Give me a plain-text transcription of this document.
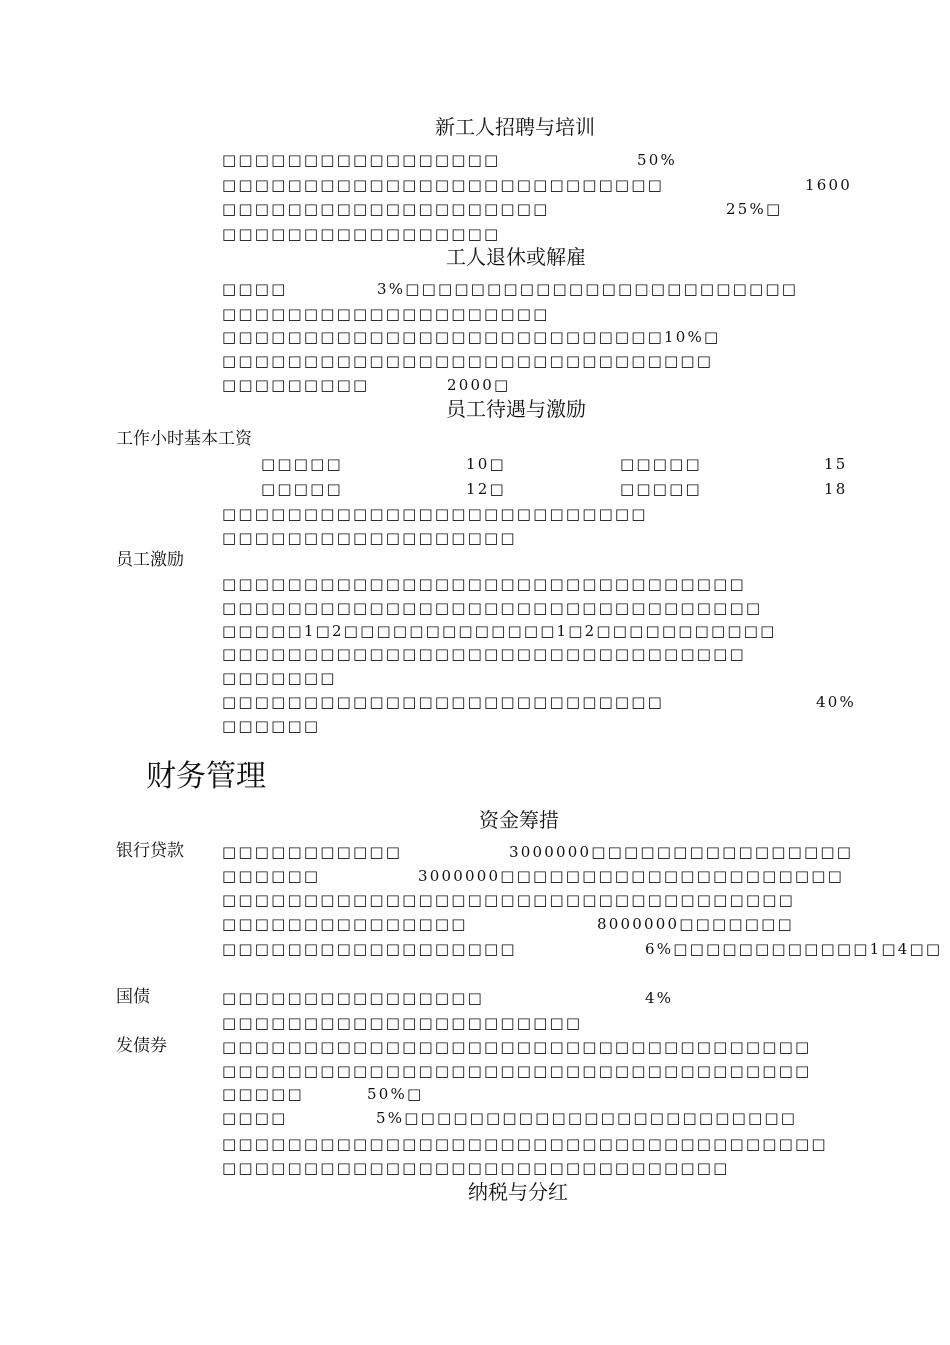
新工人招聘与培训
□□□□□□□□□□□□□□□□□	50%
□□□□□□□□□□□□□□□□□□□□□□□□□□□	1600
□□□□□□□□□□□□□□□□□□□□	25%□
□□□□□□□□□□□□□□□□□
工人退休或解雇
□□□□	3%□□□□□□□□□□□□□□□□□□□□□□□□
□□□□□□□□□□□□□□□□□□□□
□□□□□□□□□□□□□□□□□□□□□□□□□□□10%□
□□□□□□□□□□□□□□□□□□□□□□□□□□□□□□
□□□□□□□□□	2000□
员工待遇与激励
工作小时基本工资
□□□□□	10□	□□□□□	15
□□□□□	12□	□□□□□	18
□□□□□□□□□□□□□□□□□□□□□□□□□□
□□□□□□□□□□□□□□□□□□
员工激励
□□□□□□□□□□□□□□□□□□□□□□□□□□□□□□□□
□□□□□□□□□□□□□□□□□□□□□□□□□□□□□□□□□
□□□□□1□2□□□□□□□□□□□□□1□2□□□□□□□□□□□
□□□□□□□□□□□□□□□□□□□□□□□□□□□□□□□□
□□□□□□□
□□□□□□□□□□□□□□□□□□□□□□□□□□□	40%
□□□□□□
财务管理
资金筹措
银行贷款	□□□□□□□□□□□	3000000□□□□□□□□□□□□□□□□
□□□□□□	3000000□□□□□□□□□□□□□□□□□□□□□
□□□□□□□□□□□□□□□□□□□□□□□□□□□□□□□□□□□
□□□□□□□□□□□□□□□	8000000□□□□□□□
□□□□□□□□□□□□□□□□□□	6%□□□□□□□□□□□□1□4□□
国债	□□□□□□□□□□□□□□□□	4%
□□□□□□□□□□□□□□□□□□□□□□
发债券	□□□□□□□□□□□□□□□□□□□□□□□□□□□□□□□□□□□□
□□□□□□□□□□□□□□□□□□□□□□□□□□□□□□□□□□□□
□□□□□	50%□
□□□□	5%□□□□□□□□□□□□□□□□□□□□□□□□
□□□□□□□□□□□□□□□□□□□□□□□□□□□□□□□□□□□□□
□□□□□□□□□□□□□□□□□□□□□□□□□□□□□□□
纳税与分红
